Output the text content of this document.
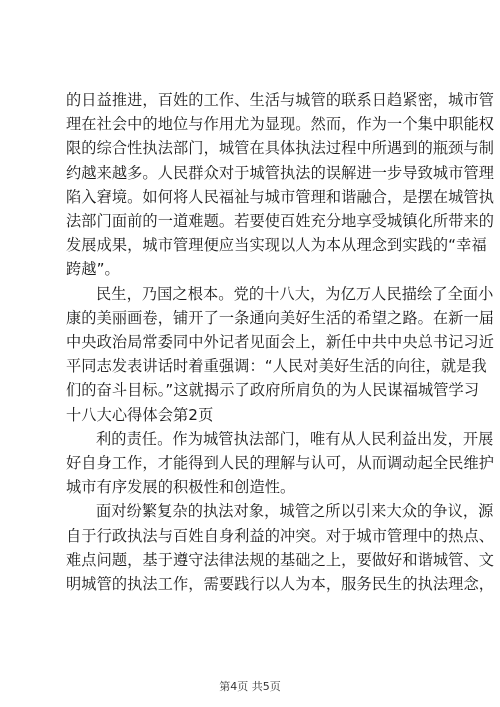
的日益推进，百姓的工作、生活与城管的联系日趋紧密，城市管
理在社会中的地位与作用尤为显现。然而，作为一个集中职能权
限的综合性执法部门，城管在具体执法过程中所遇到的瓶颈与制
约越来越多。人民群众对于城管执法的误解进一步导致城市管理
陷入窘境。如何将人民福祉与城市管理和谐融合，是摆在城管执
法部门面前的一道难题。若要使百姓充分地享受城镇化所带来的
发展成果，城市管理便应当实现以人为本从理念到实践的“幸福
跨越”。
民生，乃国之根本。党的十八大，为亿万人民描绘了全面小
康的美丽画卷，铺开了一条通向美好生活的希望之路。在新一届
中央政治局常委同中外记者见面会上，新任中共中央总书记习近
平同志发表讲话时着重强调：“人民对美好生活的向往，就是我
们的奋斗目标。”这就揭示了政府所肩负的为人民谋福城管学习
十八大心得体会第2页
利的责任。作为城管执法部门，唯有从人民利益出发，开展
好自身工作，才能得到人民的理解与认可，从而调动起全民维护
城市有序发展的积极性和创造性。
面对纷繁复杂的执法对象，城管之所以引来大众的争议，源
自于行政执法与百姓自身利益的冲突。对于城市管理中的热点、
难点问题，基于遵守法律法规的基础之上，要做好和谐城管、文
明城管的执法工作，需要践行以人为本，服务民生的执法理念，
第4页 共5页
